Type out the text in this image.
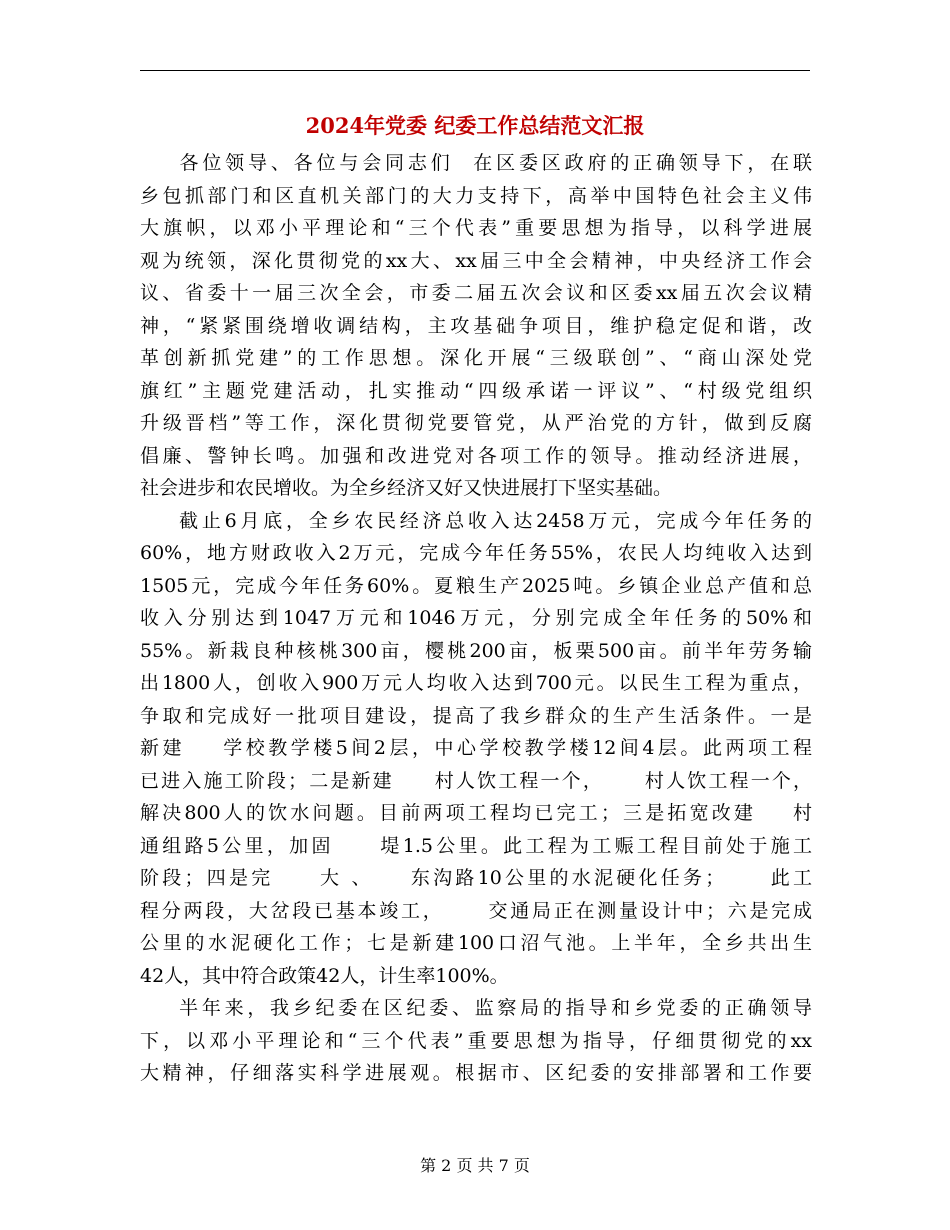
2024年党委 纪委工作总结范文汇报
各位领导、各位与会同志们  在区委区政府的正确领导下，在联
乡包抓部门和区直机关部门的大力支持下，高举中国特色社会主义伟
大旗帜，以邓小平理论和“三个代表”重要思想为指导，以科学进展
观为统领，深化贯彻党的xx大、xx届三中全会精神，中央经济工作会
议、省委十一届三次全会，市委二届五次会议和区委xx届五次会议精
神，“紧紧围绕增收调结构，主攻基础争项目，维护稳定促和谐，改
革创新抓党建”的工作思想。深化开展“三级联创”、“商山深处党
旗红”主题党建活动，扎实推动“四级承诺一评议”、“村级党组织
升级晋档”等工作，深化贯彻党要管党，从严治党的方针，做到反腐
倡廉、警钟长鸣。加强和改进党对各项工作的领导。推动经济进展，
社会进步和农民增收。为全乡经济又好又快进展打下坚实基础。
截止6月底，全乡农民经济总收入达2458万元，完成今年任务的
60%，地方财政收入2万元，完成今年任务55%，农民人均纯收入达到
1505元，完成今年任务60%。夏粮生产2025吨。乡镇企业总产值和总
收入分别达到1047万元和1046万元，分别完成全年任务的50%和
55%。新栽良种核桃300亩，樱桃200亩，板栗500亩。前半年劳务输
出1800人，创收入900万元人均收入达到700元。以民生工程为重点，
争取和完成好一批项目建设，提高了我乡群众的生产生活条件。一是
新建    学校教学楼5间2层，中心学校教学楼12间4层。此两项工程
已进入施工阶段；二是新建     村人饮工程一个，     村人饮工程一个，
解决800人的饮水问题。目前两项工程均已完工；三是拓宽改建    村
通组路5公里，加固     堤1.5公里。此工程为工赈工程目前处于施工
阶段；四是完     大 、    东沟路10公里的水泥硬化任务；     此工
程分两段，大岔段已基本竣工，     交通局正在测量设计中；六是完成
公里的水泥硬化工作；七是新建100口沼气池。上半年，全乡共出生
42人，其中符合政策42人，计生率100%。
半年来，我乡纪委在区纪委、监察局的指导和乡党委的正确领导
下，以邓小平理论和“三个代表”重要思想为指导，仔细贯彻党的xx
大精神，仔细落实科学进展观。根据市、区纪委的安排部署和工作要
第 2 页 共 7 页
